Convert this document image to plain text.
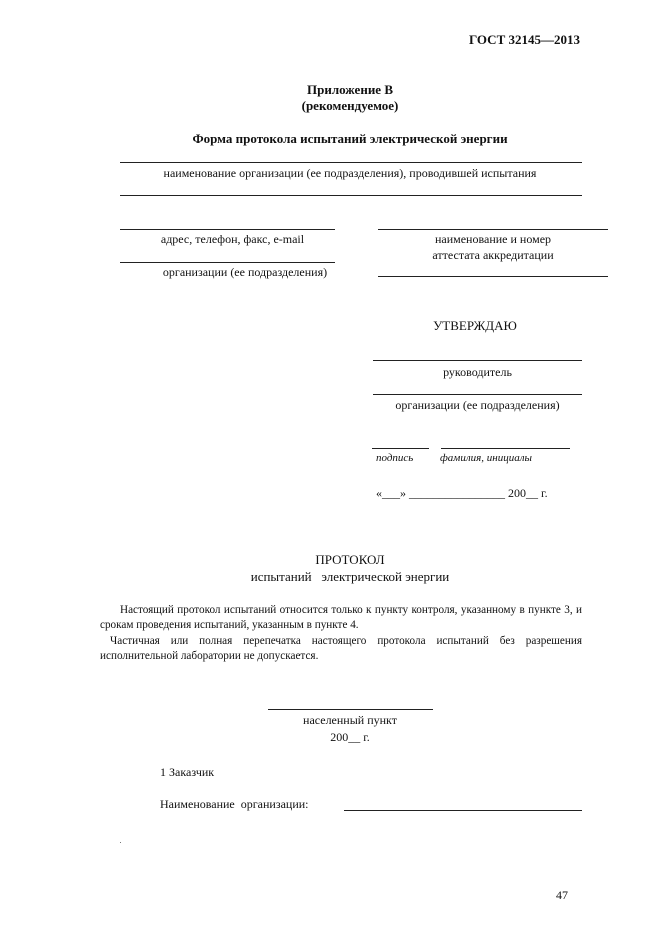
ГОСТ 32145—2013
Приложение В
(рекомендуемое)
Форма протокола испытаний электрической энергии
наименование организации (ее подразделения), проводившей испытания
адрес, телефон, факс, e-mail
организации (ее подразделения)
наименование и номер
аттестата аккредитации
УТВЕРЖДАЮ
руководитель
организации (ее подразделения)
подпись фамилия, инициалы
«___» ________________ 200__ г.
ПРОТОКОЛ
испытаний   электрической энергии
Настоящий протокол испытаний относится только к пункту контроля, указанному в пункте 3, и срокам проведения испытаний, указанным в пункте 4.
Частичная или полная перепечатка настоящего протокола испытаний без разрешения исполнительной лаборатории не допускается.
населенный пункт
200__ г.
1 Заказчик
Наименование  организации:
47
